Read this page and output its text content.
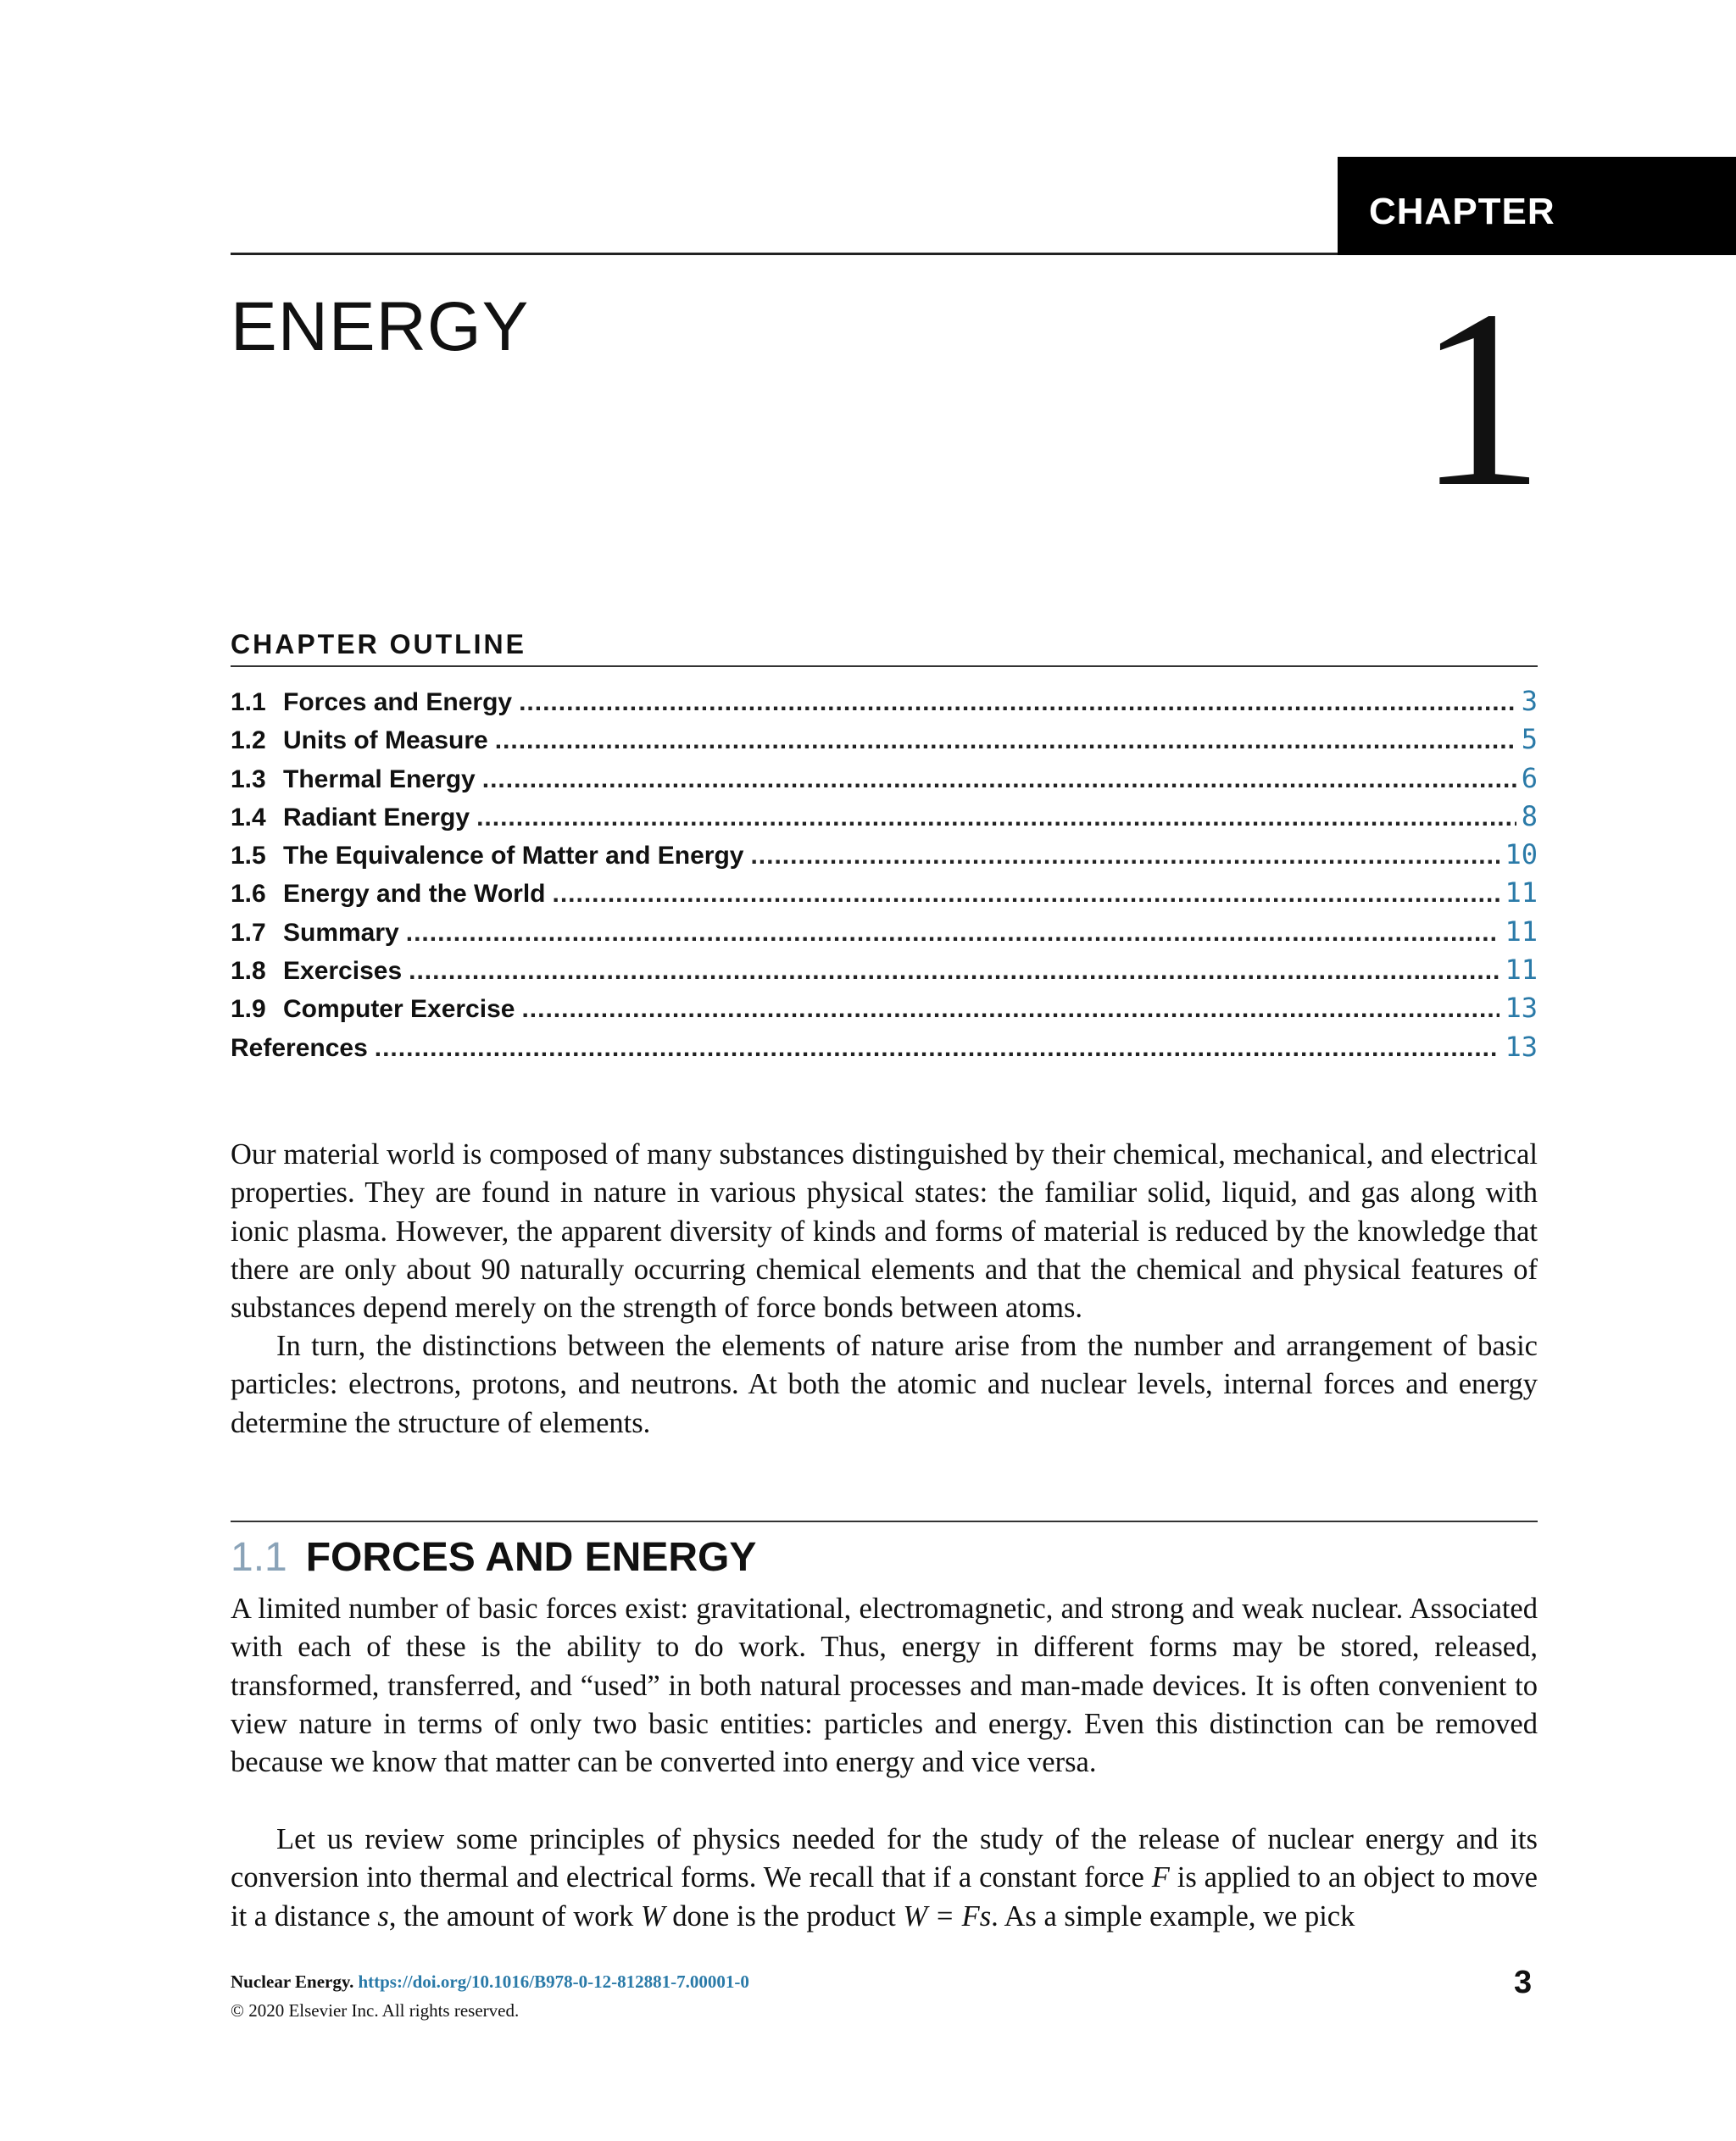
CHAPTER
ENERGY	1
CHAPTER OUTLINE
1.1 Forces and Energy .....	3
1.2 Units of Measure .....	5
1.3 Thermal Energy .....	6
1.4 Radiant Energy .....	8
1.5 The Equivalence of Matter and Energy .....	10
1.6 Energy and the World .....	11
1.7 Summary .....	11
1.8 Exercises .....	11
1.9 Computer Exercise .....	13
References .....	13

Our material world is composed of many substances distinguished by their chemical, mechanical, and electrical properties. They are found in nature in various physical states: the familiar solid, liquid, and gas along with ionic plasma. However, the apparent diversity of kinds and forms of material is reduced by the knowledge that there are only about 90 naturally occurring chemical elements and that the chemical and physical features of substances depend merely on the strength of force bonds between atoms.

In turn, the distinctions between the elements of nature arise from the number and arrangement of basic particles: electrons, protons, and neutrons. At both the atomic and nuclear levels, internal forces and energy determine the structure of elements.

1.1 FORCES AND ENERGY

A limited number of basic forces exist: gravitational, electromagnetic, and strong and weak nuclear. Associated with each of these is the ability to do work. Thus, energy in different forms may be stored, released, transformed, transferred, and “used” in both natural processes and man-made devices. It is often convenient to view nature in terms of only two basic entities: particles and energy. Even this distinction can be removed because we know that matter can be converted into energy and vice versa.

Let us review some principles of physics needed for the study of the release of nuclear energy and its conversion into thermal and electrical forms. We recall that if a constant force F is applied to an object to move it a distance s, the amount of work W done is the product W = Fs. As a simple example, we pick

Nuclear Energy. https://doi.org/10.1016/B978-0-12-812881-7.00001-0
© 2020 Elsevier Inc. All rights reserved.
3
